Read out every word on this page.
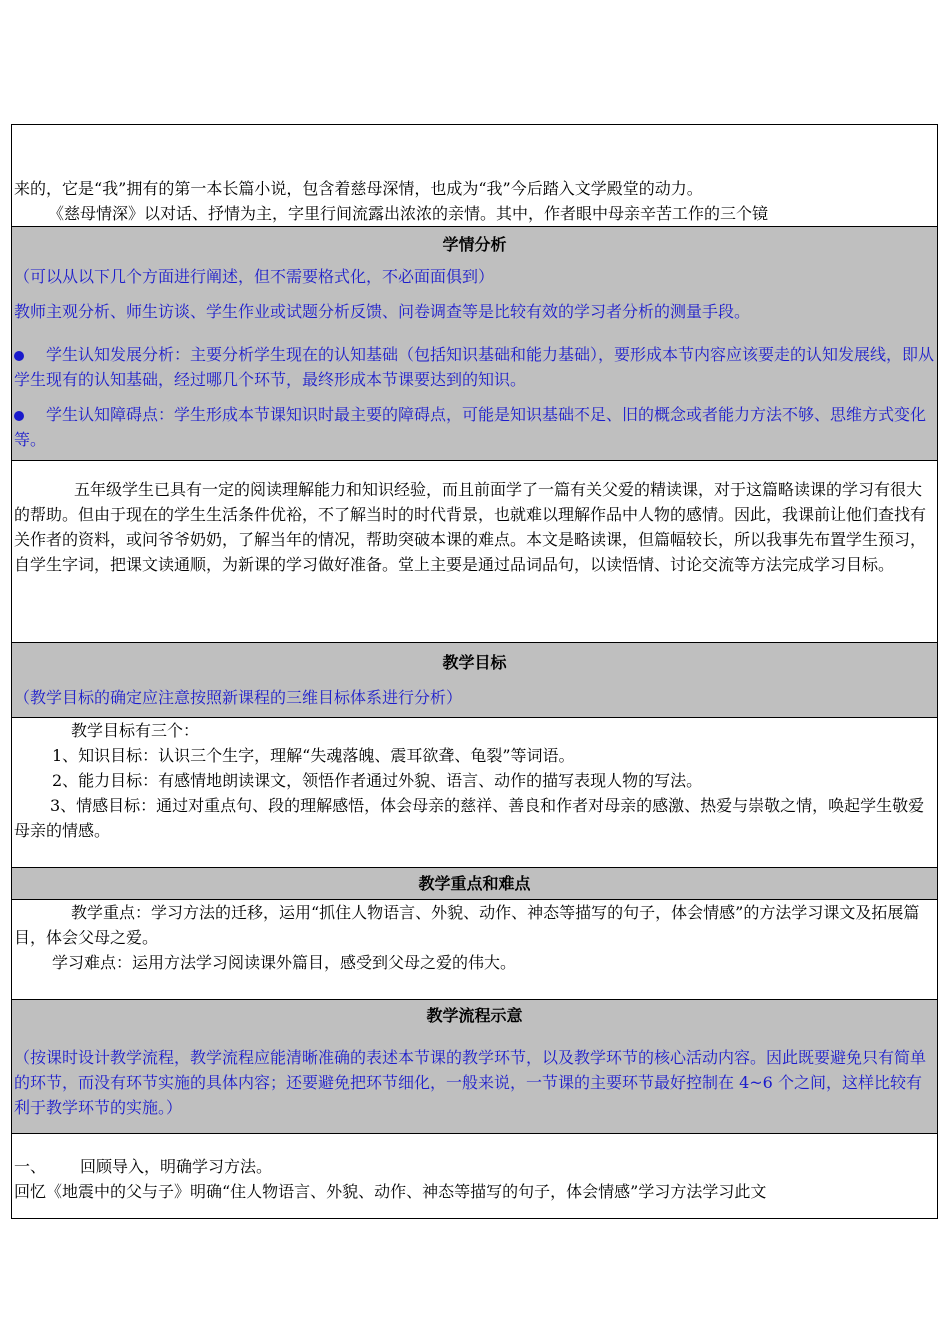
来的，它是“我”拥有的第一本长篇小说，包含着慈母深情，也成为“我”今后踏入文学殿堂的动力。

《慈母情深》以对话、抒情为主，字里行间流露出浓浓的亲情。其中，作者眼中母亲辛苦工作的三个镜

学情分析

（可以从以下几个方面进行阐述，但不需要格式化，不必面面俱到）

教师主观分析、师生访谈、学生作业或试题分析反馈、问卷调查等是比较有效的学习者分析的测量手段。

学生认知发展分析：主要分析学生现在的认知基础（包括知识基础和能力基础），要形成本节内容应该要走的认知发展线，即从学生现有的认知基础，经过哪几个环节，最终形成本节课要达到的知识。

学生认知障碍点：学生形成本节课知识时最主要的障碍点，可能是知识基础不足、旧的概念或者能力方法不够、思维方式变化等。

五年级学生已具有一定的阅读理解能力和知识经验，而且前面学了一篇有关父爱的精读课，对于这篇略读课的学习有很大的帮助。但由于现在的学生生活条件优裕，不了解当时的时代背景，也就难以理解作品中人物的感情。因此，我课前让他们查找有关作者的资料，或问爷爷奶奶，了解当年的情况，帮助突破本课的难点。本文是略读课，但篇幅较长，所以我事先布置学生预习，自学生字词，把课文读通顺，为新课的学习做好准备。堂上主要是通过品词品句，以读悟情、讨论交流等方法完成学习目标。

教学目标

（教学目标的确定应注意按照新课程的三维目标体系进行分析）

教学目标有三个：

1、知识目标：认识三个生字，理解“失魂落魄、震耳欲聋、龟裂”等词语。

2、能力目标：有感情地朗读课文，领悟作者通过外貌、语言、动作的描写表现人物的写法。

3、情感目标：通过对重点句、段的理解感悟，体会母亲的慈祥、善良和作者对母亲的感激、热爱与崇敬之情，唤起学生敬爱母亲的情感。

教学重点和难点

教学重点：学习方法的迁移，运用“抓住人物语言、外貌、动作、神态等描写的句子，体会情感”的方法学习课文及拓展篇目，体会父母之爱。

学习难点：运用方法学习阅读课外篇目，感受到父母之爱的伟大。

教学流程示意

（按课时设计教学流程，教学流程应能清晰准确的表述本节课的教学环节，以及教学环节的核心活动内容。因此既要避免只有简单的环节，而没有环节实施的具体内容；还要避免把环节细化，一般来说，一节课的主要环节最好控制在 4~6 个之间，这样比较有利于教学环节的实施。）

一、 回顾导入，明确学习方法。

回忆《地震中的父与子》明确“住人物语言、外貌、动作、神态等描写的句子，体会情感”学习方法学习此文
